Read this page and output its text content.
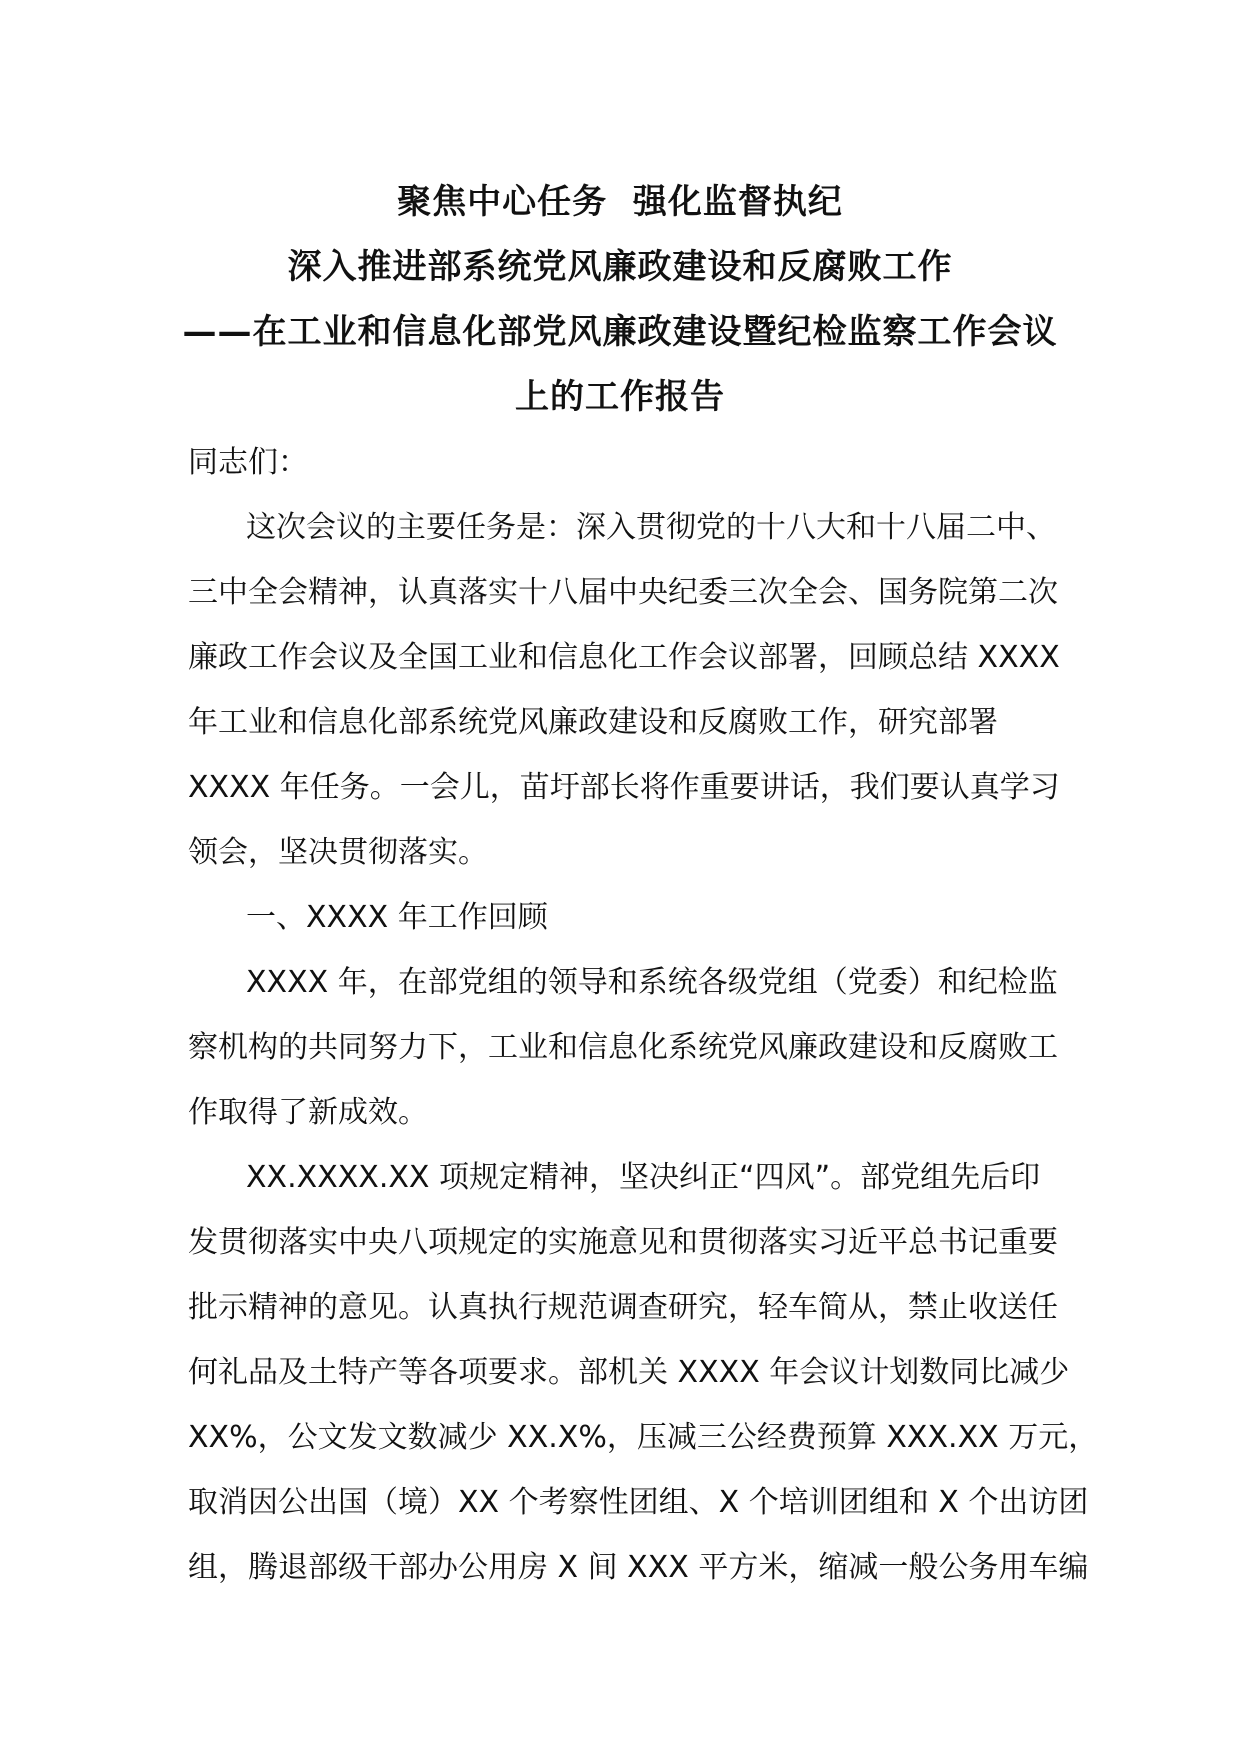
聚焦中心任务  强化监督执纪
深入推进部系统党风廉政建设和反腐败工作
——在工业和信息化部党风廉政建设暨纪检监察工作会议
上的工作报告
同志们：
这次会议的主要任务是：深入贯彻党的十八大和十八届二中、
三中全会精神，认真落实十八届中央纪委三次全会、国务院第二次
廉政工作会议及全国工业和信息化工作会议部署，回顾总结 XXXX
年工业和信息化部系统党风廉政建设和反腐败工作，研究部署
XXXX 年任务。一会儿，苗圩部长将作重要讲话，我们要认真学习
领会，坚决贯彻落实。
一、XXXX 年工作回顾
XXXX 年，在部党组的领导和系统各级党组（党委）和纪检监
察机构的共同努力下，工业和信息化系统党风廉政建设和反腐败工
作取得了新成效。
XX.XXXX.XX 项规定精神，坚决纠正“四风”。部党组先后印
发贯彻落实中央八项规定的实施意见和贯彻落实习近平总书记重要
批示精神的意见。认真执行规范调查研究，轻车简从，禁止收送任
何礼品及土特产等各项要求。部机关 XXXX 年会议计划数同比减少
XX%，公文发文数减少 XX.X%，压减三公经费预算 XXX.XX 万元，
取消因公出国（境）XX 个考察性团组、X 个培训团组和 X 个出访团
组，腾退部级干部办公用房 X 间 XXX 平方米，缩减一般公务用车编
